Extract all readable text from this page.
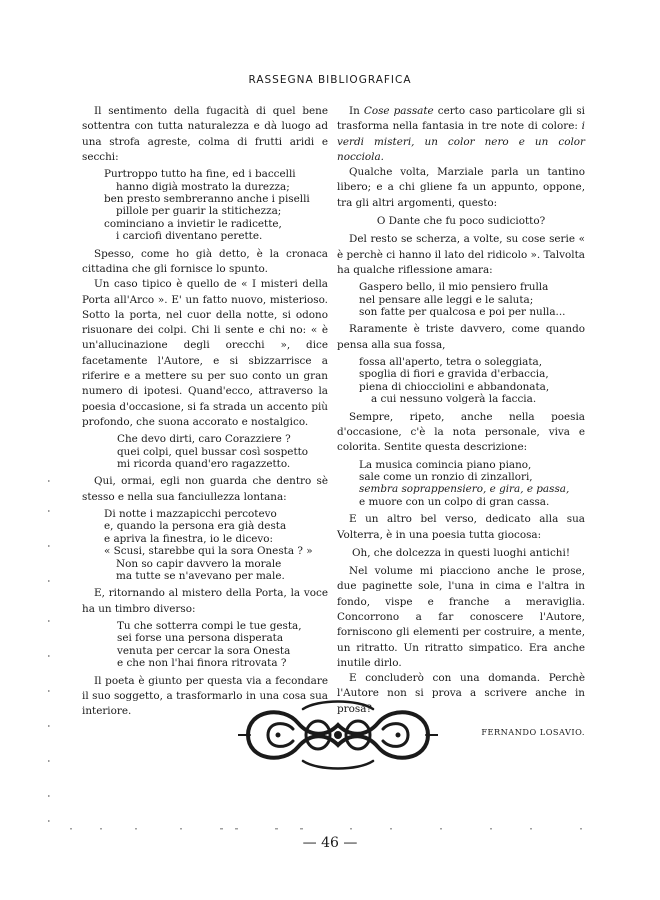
RASSEGNA BIBLIOGRAFICA

Il sentimento della fugacità di quel bene sottentra con tutta naturalezza e dà luogo ad una strofa agreste, colma di frutti aridi e secchi:

Purtroppo tutto ha fine, ed i baccelli
hanno digià mostrato la durezza;
ben presto sembreranno anche i piselli
pillole per guarir la stitichezza;
cominciano a invietir le radicette,
i carciofi diventano perette.

Spesso, come ho già detto, è la cronaca cittadina che gli fornisce lo spunto.

Un caso tipico è quello de « I misteri della Porta all'Arco ». E' un fatto nuovo, misterioso. Sotto la porta, nel cuor della notte, si odono risuonare dei colpi. Chi li sente e chi no: « è un'allucinazione degli orecchi », dice facetamente l'Autore, e si sbizzarrisce a riferire e a mettere su per suo conto un gran numero di ipotesi. Quand'ecco, attraverso la poesia d'occasione, si fa strada un accento più profondo, che suona accorato e nostalgico.

Che devo dirti, caro Corazziere ?
quei colpi, quel bussar così sospetto
mi ricorda quand'ero ragazzetto.

Qui, ormai, egli non guarda che dentro sè stesso e nella sua fanciullezza lontana:

Di notte i mazzapicchi percotevo
e, quando la persona era già desta
e apriva la finestra, io le dicevo:
« Scusi, starebbe qui la sora Onesta ? »
Non so capir davvero la morale
ma tutte se n'avevano per male.

E, ritornando al mistero della Porta, la voce ha un timbro diverso:

Tu che sotterra compi le tue gesta,
sei forse una persona disperata
venuta per cercar la sora Onesta
e che non l'hai finora ritrovata ?

Il poeta è giunto per questa via a fecondare il suo soggetto, a trasformarlo in una cosa sua interiore.

In Cose passate certo caso particolare gli si trasforma nella fantasia in tre note di colore: i verdi misteri, un color nero e un color nocciola.

Qualche volta, Marziale parla un tantino libero; e a chi gliene fa un appunto, oppone, tra gli altri argomenti, questo:

O Dante che fu poco sudiciotto?

Del resto se scherza, a volte, su cose serie « è perchè ci hanno il lato del ridicolo ». Talvolta ha qualche riflessione amara:

Gaspero bello, il mio pensiero frulla
nel pensare alle leggi e le saluta;
son fatte per qualcosa e poi per nulla...

Raramente è triste davvero, come quando pensa alla sua fossa,

fossa all'aperto, tetra o soleggiata,
spoglia di fiori e gravida d'erbaccia,
piena di chiocciolini e abbandonata,
a cui nessuno volgerà la faccia.

Sempre, ripeto, anche nella poesia d'occasione, c'è la nota personale, viva e colorita. Sentite questa descrizione:

La musica comincia piano piano,
sale come un ronzio di zinzallori,
sembra soprappensiero, e gira, e passa,
e muore con un colpo di gran cassa.

E un altro bel verso, dedicato alla sua Volterra, è in una poesia tutta giocosa:

Oh, che dolcezza in questi luoghi antichi!

Nel volume mi piacciono anche le prose, due paginette sole, l'una in cima e l'altra in fondo, vispe e franche a meraviglia. Concorrono a far conoscere l'Autore, forniscono gli elementi per costruire, a mente, un ritratto. Un ritratto simpatico. Era anche inutile dirlo.

E concluderò con una domanda. Perchè l'Autore non si prova a scrivere anche in prosa?

FERNANDO LOSAVIO.

— 46 —
